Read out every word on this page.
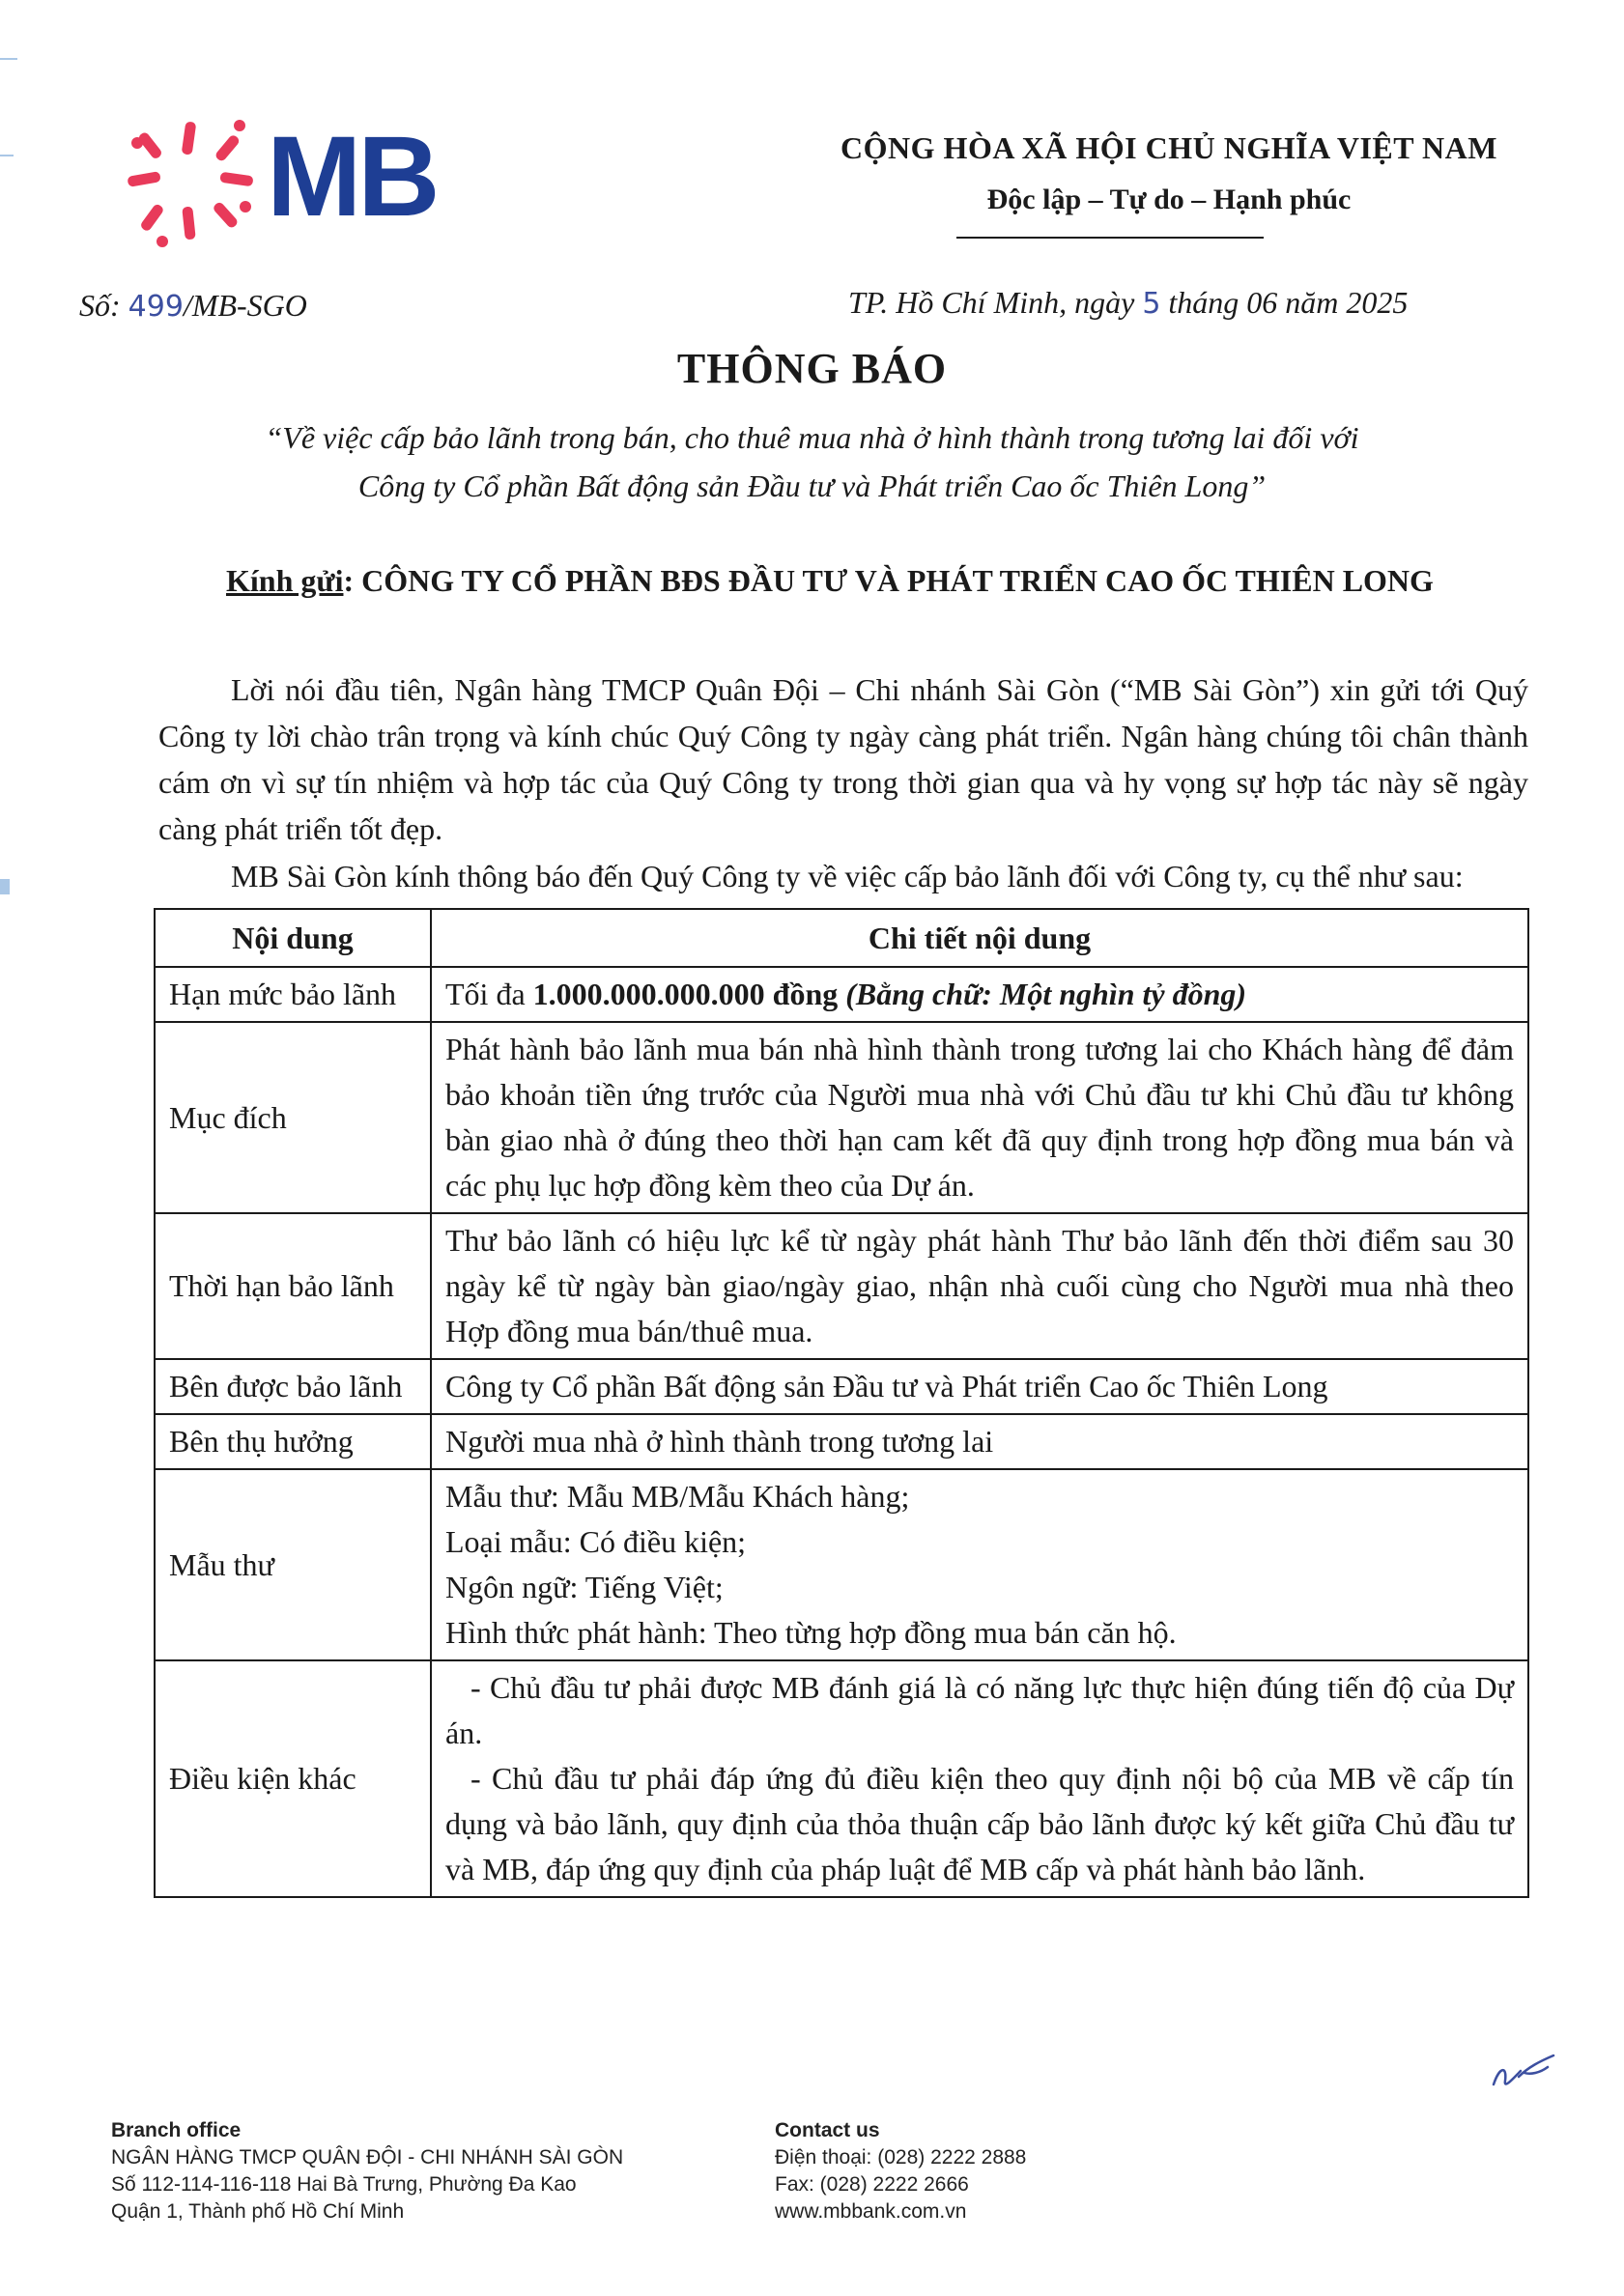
MB	CỘNG HÒA XÃ HỘI CHỦ NGHĨA VIỆT NAM
Độc lập – Tự do – Hạnh phúc
Số: 499/MB-SGO	TP. Hồ Chí Minh, ngày 5 tháng 06 năm 2025
THÔNG BÁO
“Về việc cấp bảo lãnh trong bán, cho thuê mua nhà ở hình thành trong tương lai đối với
Công ty Cổ phần Bất động sản Đầu tư và Phát triển Cao ốc Thiên Long”
Kính gửi: CÔNG TY CỔ PHẦN BĐS ĐẦU TƯ VÀ PHÁT TRIỂN CAO ỐC THIÊN LONG
Lời nói đầu tiên, Ngân hàng TMCP Quân Đội – Chi nhánh Sài Gòn (“MB Sài Gòn”) xin gửi tới Quý Công ty lời chào trân trọng và kính chúc Quý Công ty ngày càng phát triển. Ngân hàng chúng tôi chân thành cám ơn vì sự tín nhiệm và hợp tác của Quý Công ty trong thời gian qua và hy vọng sự hợp tác này sẽ ngày càng phát triển tốt đẹp.
MB Sài Gòn kính thông báo đến Quý Công ty về việc cấp bảo lãnh đối với Công ty, cụ thể như sau:
Nội dung	Chi tiết nội dung
Hạn mức bảo lãnh	Tối đa 1.000.000.000.000 đồng (Bằng chữ: Một nghìn tỷ đồng)
Mục đích	Phát hành bảo lãnh mua bán nhà hình thành trong tương lai cho Khách hàng để đảm bảo khoản tiền ứng trước của Người mua nhà với Chủ đầu tư khi Chủ đầu tư không bàn giao nhà ở đúng theo thời hạn cam kết đã quy định trong hợp đồng mua bán và các phụ lục hợp đồng kèm theo của Dự án.
Thời hạn bảo lãnh	Thư bảo lãnh có hiệu lực kể từ ngày phát hành Thư bảo lãnh đến thời điểm sau 30 ngày kể từ ngày bàn giao/ngày giao, nhận nhà cuối cùng cho Người mua nhà theo Hợp đồng mua bán/thuê mua.
Bên được bảo lãnh	Công ty Cổ phần Bất động sản Đầu tư và Phát triển Cao ốc Thiên Long
Bên thụ hưởng	Người mua nhà ở hình thành trong tương lai
Mẫu thư	Mẫu thư: Mẫu MB/Mẫu Khách hàng;
Loại mẫu: Có điều kiện;
Ngôn ngữ: Tiếng Việt;
Hình thức phát hành: Theo từng hợp đồng mua bán căn hộ.

Điều kiện khác	- Chủ đầu tư phải được MB đánh giá là có năng lực thực hiện đúng tiến độ của Dự án.
- Chủ đầu tư phải đáp ứng đủ điều kiện theo quy định nội bộ của MB về cấp tín dụng và bảo lãnh, quy định của thỏa thuận cấp bảo lãnh được ký kết giữa Chủ đầu tư và MB, đáp ứng quy định của pháp luật để MB cấp và phát hành bảo lãnh.
Branch office
NGÂN HÀNG TMCP QUÂN ĐỘI - CHI NHÁNH SÀI GÒN
Số 112-114-116-118 Hai Bà Trưng, Phường Đa Kao
Quận 1, Thành phố Hồ Chí Minh
Contact us
Điện thoại: (028) 2222 2888
Fax: (028) 2222 2666
www.mbbank.com.vn
